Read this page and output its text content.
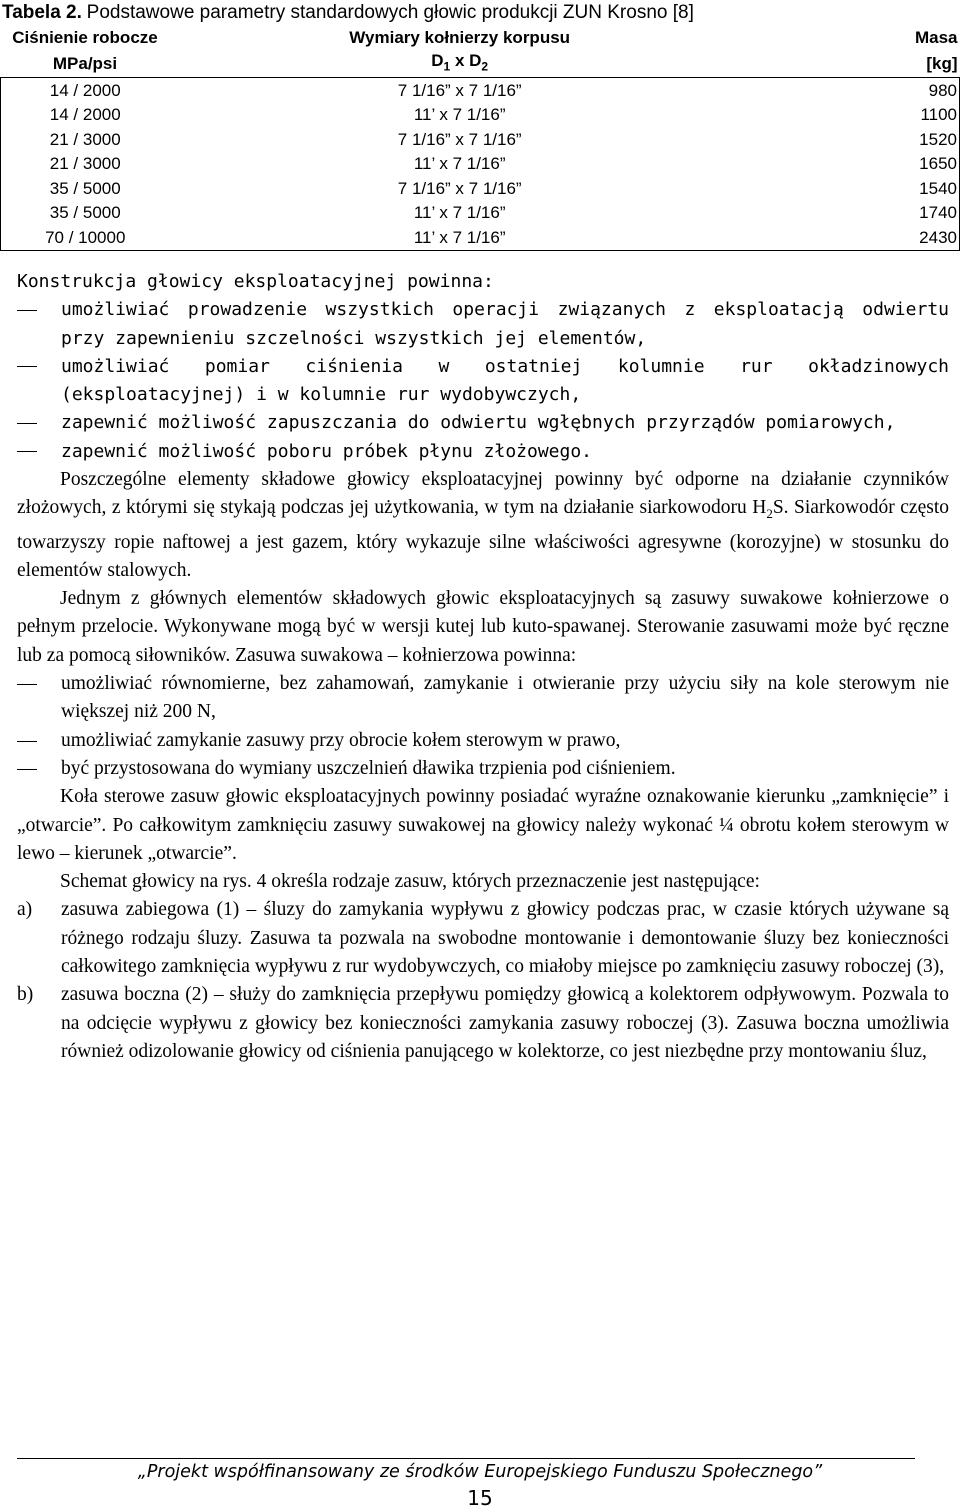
Tabela 2. Podstawowe parametry standardowych głowic produkcji ZUN Krosno [8]
Ciśnienie robocze	Wymiary kołnierzy korpusu	Masa
MPa/psi	$D_1$ x $D_2$	[kg]
14 / 2000	7 1/16” x 7 1/16”	980
14 / 2000	11’ x 7 1/16”	1100
21 / 3000	7 1/16” x 7 1/16”	1520
21 / 3000	11’ x 7 1/16”	1650
35 / 5000	7 1/16” x 7 1/16”	1540
35 / 5000	11’ x 7 1/16”	1740
70 / 10000	11’ x 7 1/16”	2430

Konstrukcja głowicy eksploatacyjnej powinna:

umożliwiać prowadzenie wszystkich operacji związanych z eksploatacją odwiertu przy zapewnieniu szczelności wszystkich jej elementów,
umożliwiać pomiar ciśnienia w ostatniej kolumnie rur okładzinowych (eksploatacyjnej) i w kolumnie rur wydobywczych,
zapewnić możliwość zapuszczania do odwiertu wgłębnych przyrządów pomiarowych,
zapewnić możliwość poboru próbek płynu złożowego.

Poszczególne elementy składowe głowicy eksploatacyjnej powinny być odporne na działanie czynników złożowych, z którymi się stykają podczas jej użytkowania, w tym na działanie siarkowodoru $H_2S$. Siarkowodór często towarzyszy ropie naftowej a jest gazem, który wykazuje silne właściwości agresywne (korozyjne) w stosunku do elementów stalowych.

Jednym z głównych elementów składowych głowic eksploatacyjnych są zasuwy suwakowe kołnierzowe o pełnym przelocie. Wykonywane mogą być w wersji kutej lub kuto-spawanej. Sterowanie zasuwami może być ręczne lub za pomocą siłowników. Zasuwa suwakowa – kołnierzowa powinna:

umożliwiać równomierne, bez zahamowań, zamykanie i otwieranie przy użyciu siły na kole sterowym nie większej niż 200 N,
umożliwiać zamykanie zasuwy przy obrocie kołem sterowym w prawo,
być przystosowana do wymiany uszczelnień dławika trzpienia pod ciśnieniem.

Koła sterowe zasuw głowic eksploatacyjnych powinny posiadać wyraźne oznakowanie kierunku „zamknięcie” i „otwarcie”. Po całkowitym zamknięciu zasuwy suwakowej na głowicy należy wykonać ¼ obrotu kołem sterowym w lewo – kierunek „otwarcie”.

Schemat głowicy na rys. 4 określa rodzaje zasuw, których przeznaczenie jest następujące:

a) zasuwa zabiegowa (1) – śluzy do zamykania wypływu z głowicy podczas prac, w czasie których używane są różnego rodzaju śluzy. Zasuwa ta pozwala na swobodne montowanie i demontowanie śluzy bez konieczności całkowitego zamknięcia wypływu z rur wydobywczych, co miałoby miejsce po zamknięciu zasuwy roboczej (3),
b) zasuwa boczna (2) – służy do zamknięcia przepływu pomiędzy głowicą a kolektorem odpływowym. Pozwala to na odcięcie wypływu z głowicy bez konieczności zamykania zasuwy roboczej (3). Zasuwa boczna umożliwia również odizolowanie głowicy od ciśnienia panującego w kolektorze, co jest niezbędne przy montowaniu śluz,
„Projekt współfinansowany ze środków Europejskiego Funduszu Społecznego”
15
